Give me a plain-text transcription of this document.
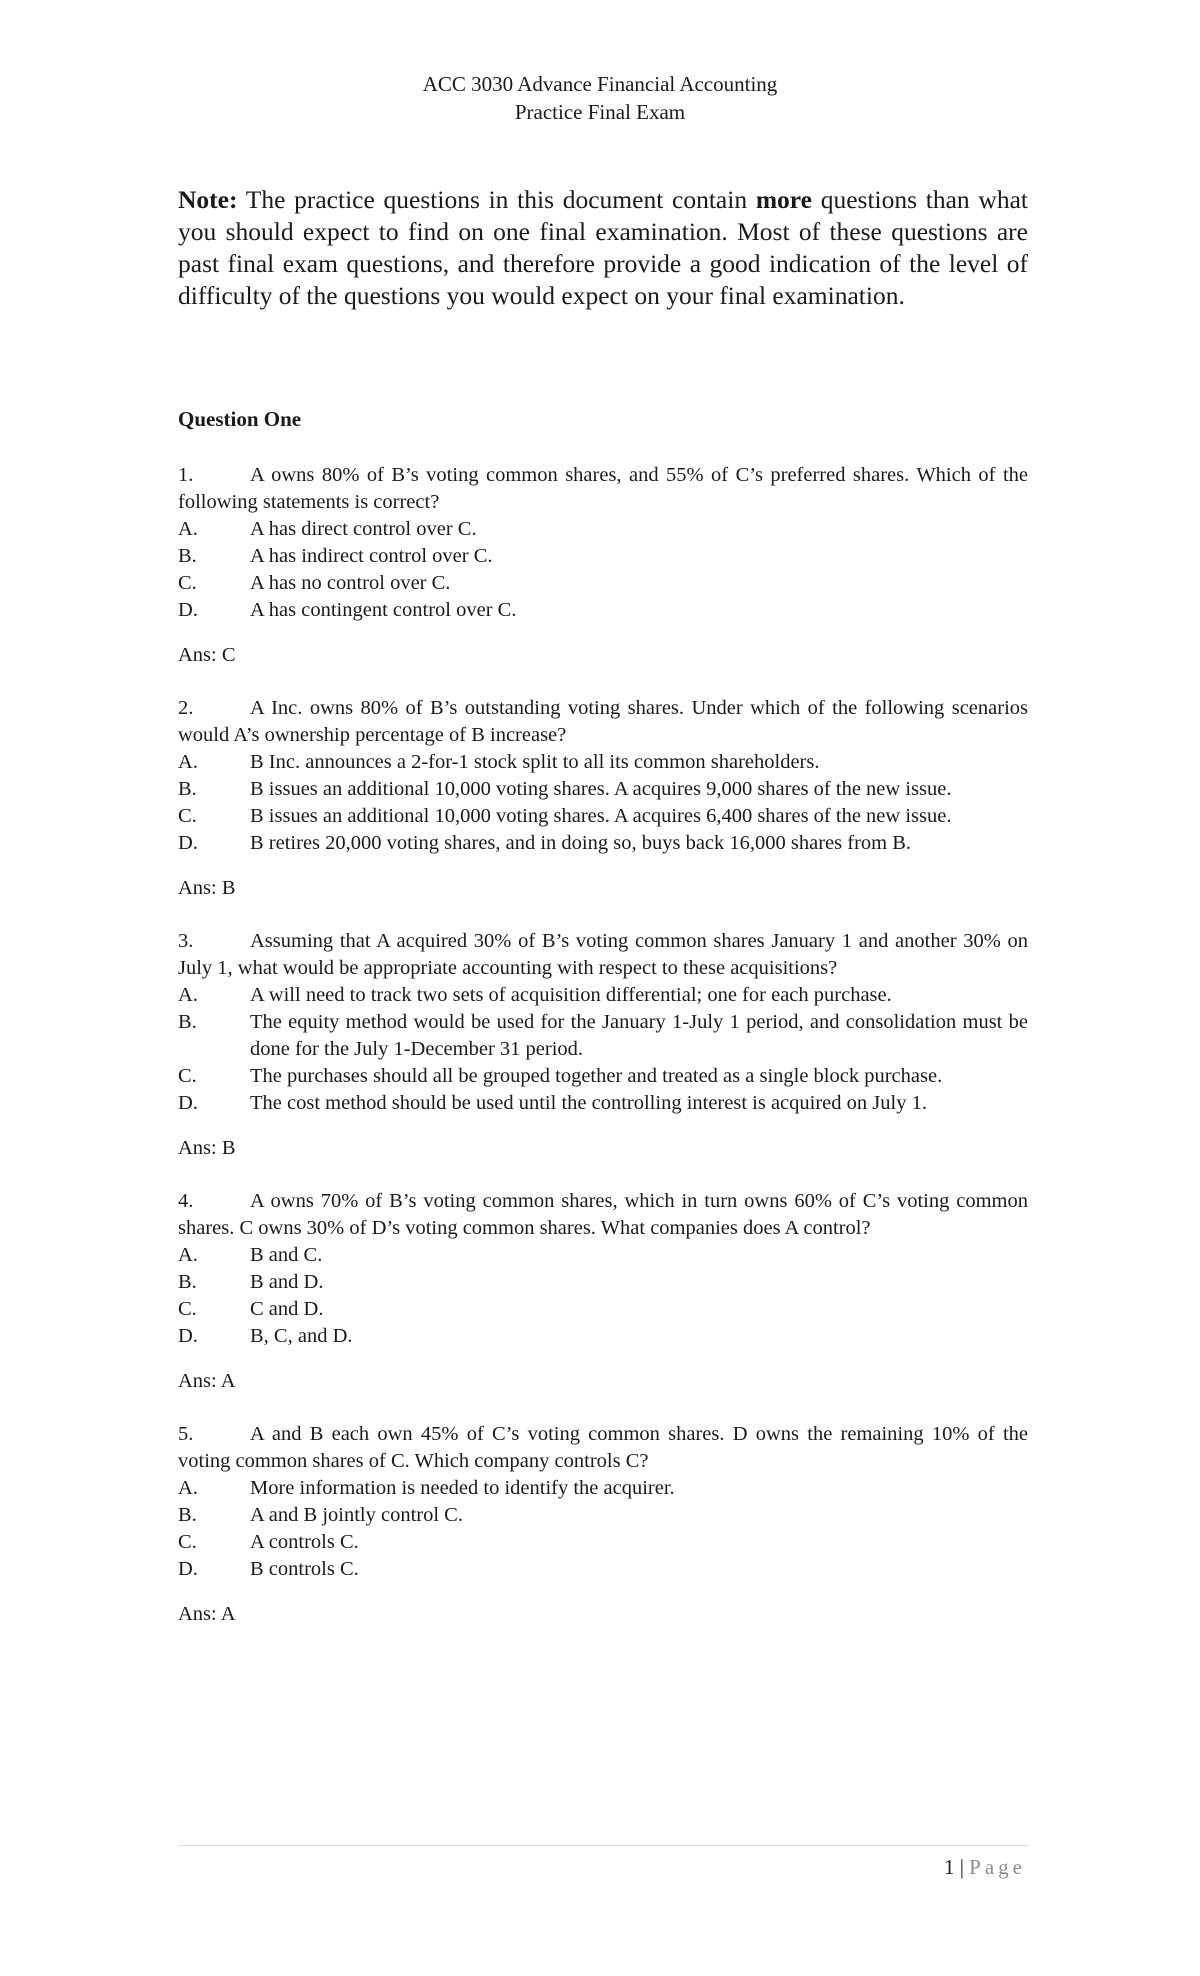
ACC 3030 Advance Financial Accounting
Practice Final Exam
Note: The practice questions in this document contain more questions than what you should expect to find on one final examination. Most of these questions are past final exam questions, and therefore provide a good indication of the level of difficulty of the questions you would expect on your final examination.
Question One
1.	A owns 80% of B’s voting common shares, and 55% of C’s preferred shares. Which of the following statements is correct?
A.	A has direct control over C.
B.	A has indirect control over C.
C.	A has no control over C.
D.	A has contingent control over C.
Ans: C
2.	A Inc. owns 80% of B’s outstanding voting shares. Under which of the following scenarios would A’s ownership percentage of B increase?
A.	B Inc. announces a 2-for-1 stock split to all its common shareholders.
B.	B issues an additional 10,000 voting shares. A acquires 9,000 shares of the new issue.
C.	B issues an additional 10,000 voting shares. A acquires 6,400 shares of the new issue.
D.	B retires 20,000 voting shares, and in doing so, buys back 16,000 shares from B.
Ans: B
3.	Assuming that A acquired 30% of B’s voting common shares January 1 and another 30% on July 1, what would be appropriate accounting with respect to these acquisitions?
A.	A will need to track two sets of acquisition differential; one for each purchase.
B.	The equity method would be used for the January 1-July 1 period, and consolidation must be done for the July 1-December 31 period.
C.	The purchases should all be grouped together and treated as a single block purchase.
D.	The cost method should be used until the controlling interest is acquired on July 1.
Ans: B
4.	A owns 70% of B’s voting common shares, which in turn owns 60% of C’s voting common shares. C owns 30% of D’s voting common shares. What companies does A control?
A.	B and C.
B.	B and D.
C.	C and D.
D.	B, C, and D.
Ans: A
5.	A and B each own 45% of C’s voting common shares. D owns the remaining 10% of the voting common shares of C. Which company controls C?
A.	More information is needed to identify the acquirer.
B.	A and B jointly control C.
C.	A controls C.
D.	B controls C.
Ans: A
1 | Page
